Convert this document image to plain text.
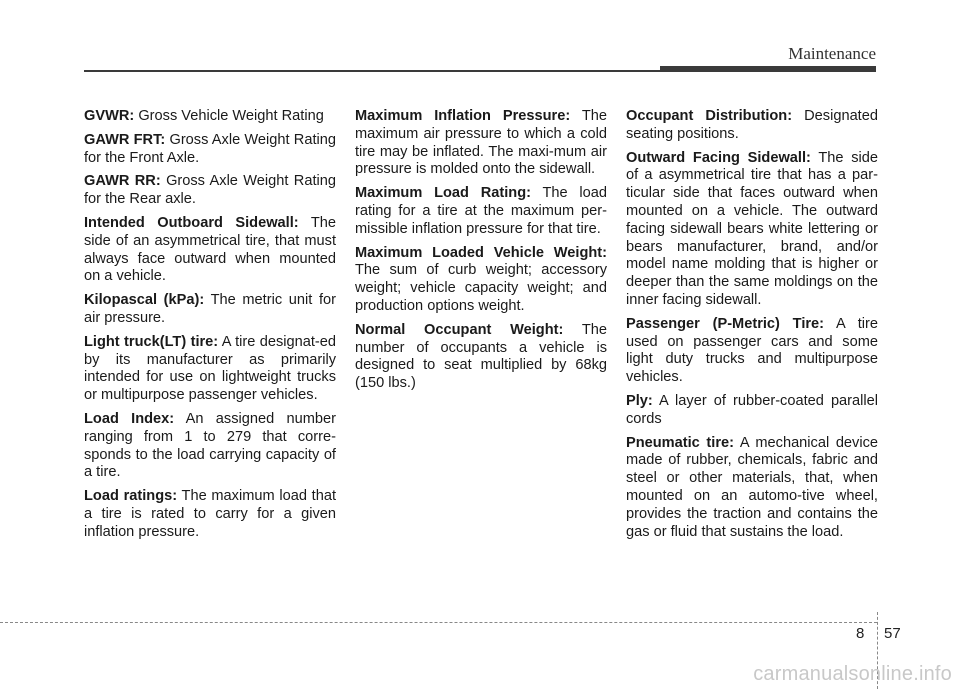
Maintenance

GVWR: Gross Vehicle Weight Rating

GAWR FRT: Gross Axle Weight Rating for the Front Axle.

GAWR RR: Gross Axle Weight Rating for the Rear axle.

Intended Outboard Sidewall: The side of an asymmetrical tire, that must always face outward when mounted on a vehicle.

Kilopascal (kPa): The metric unit for air pressure.

Light truck(LT) tire: A tire designat-ed by its manufacturer as primarily intended for use on lightweight trucks or multipurpose passenger vehicles.

Load Index: An assigned number ranging from 1 to 279 that corre-sponds to the load carrying capacity of a tire.

Load ratings: The maximum load that a tire is rated to carry for a given inflation pressure.

Maximum Inflation Pressure: The maximum air pressure to which a cold tire may be inflated. The maxi-mum air pressure is molded onto the sidewall.

Maximum Load Rating: The load rating for a tire at the maximum per-missible inflation pressure for that tire.

Maximum Loaded Vehicle Weight: The sum of curb weight; accessory weight; vehicle capacity weight; and production options weight.

Normal Occupant Weight: The number of occupants a vehicle is designed to seat multiplied by 68kg (150 lbs.)

Occupant Distribution: Designated seating positions.

Outward Facing Sidewall: The side of a asymmetrical tire that has a par-ticular side that faces outward when mounted on a vehicle. The outward facing sidewall bears white lettering or bears manufacturer, brand, and/or model name molding that is higher or deeper than the same moldings on the inner facing sidewall.

Passenger (P-Metric) Tire: A tire used on passenger cars and some light duty trucks and multipurpose vehicles.

Ply: A layer of rubber-coated parallel cords

Pneumatic tire: A mechanical device made of rubber, chemicals, fabric and steel or other materials, that, when mounted on an automo-tive wheel, provides the traction and contains the gas or fluid that sustains the load.

8 57
carmanualsonline.info
